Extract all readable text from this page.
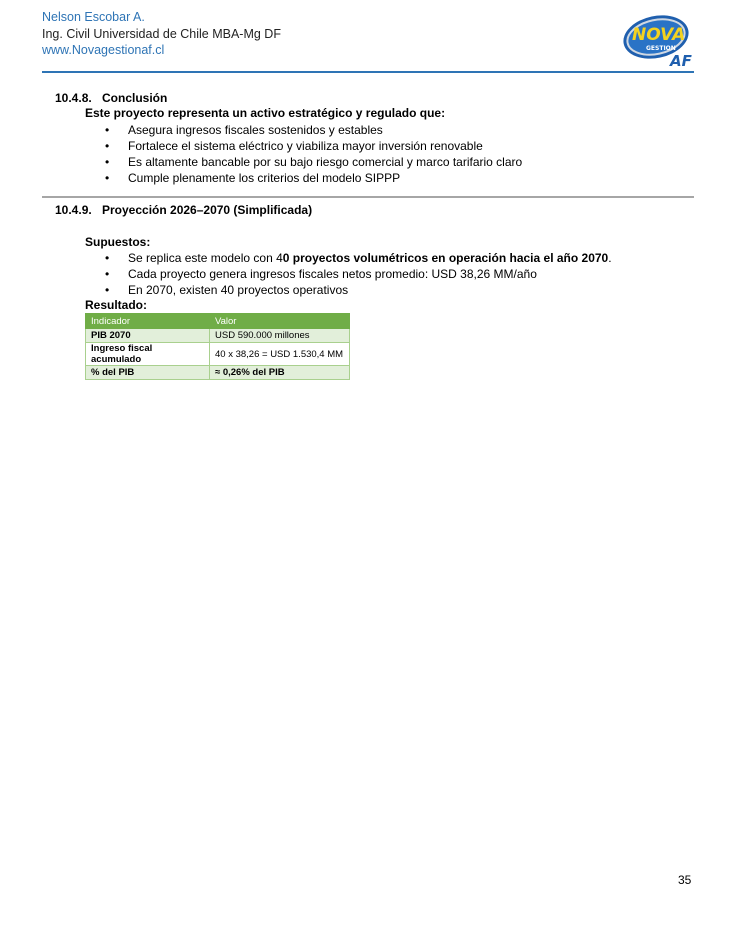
Nelson Escobar A.
Ing. Civil Universidad de Chile MBA-Mg DF
www.Novagestionaf.cl
NOVA
GESTION
AF
10.4.8. Conclusión
Este proyecto representa un activo estratégico y regulado que:
• Asegura ingresos fiscales sostenidos y estables
• Fortalece el sistema eléctrico y viabiliza mayor inversión renovable
• Es altamente bancable por su bajo riesgo comercial y marco tarifario claro
• Cumple plenamente los criterios del modelo SIPPP
10.4.9. Proyección 2026–2070 (Simplificada)
Supuestos:
• Se replica este modelo con 40 proyectos volumétricos en operación hacia el año 2070.
• Cada proyecto genera ingresos fiscales netos promedio: USD 38,26 MM/año
• En 2070, existen 40 proyectos operativos
Resultado:
Indicador	Valor
PIB 2070	USD 590.000 millones
Ingreso fiscal acumulado	40 x 38,26 = USD 1.530,4 MM
% del PIB	≈ 0,26% del PIB
35
